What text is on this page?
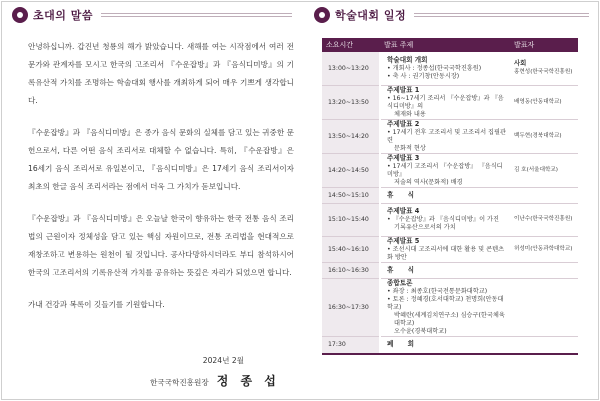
초대의 말씀	학술대회 일정

안녕하십니까. 갑진년 청룡의 해가 밝았습니다. 새해를 여는 시작점에서 여러 전문가와 관계자를 모시고 한국의 고조리서 『수운잡방』과 『음식디미방』의 기록유산적 가치를 조명하는 학술대회 행사를 개최하게 되어 매우 기쁘게 생각합니다.

『수운잡방』과 『음식디미방』은 종가 음식 문화의 실체를 담고 있는 귀중한 문헌으로서, 다른 어떤 음식 조리서로 대체할 수 없습니다. 특히, 『수운잡방』은 16세기 음식 조리서로 유일본이고, 『음식디미방』은 17세기 음식 조리서이자 최초의 한글 음식 조리서라는 점에서 더욱 그 가치가 돋보입니다.

『수운잡방』과 『음식디미방』은 오늘날 한국이 향유하는 한국 전통 음식 조리법의 근원이자 정체성을 담고 있는 핵심 자원이므로, 전통 조리법을 현대적으로 재창조하고 변용하는 원천이 될 것입니다. 공사다망하시더라도 부디 참석하시어 한국의 고조리서의 기록유산적 가치를 공유하는 뜻깊은 자리가 되었으면 합니다.

가내 건강과 복록이 깃들기를 기원합니다.

2024년 2월
한국국학진흥원장 정 종 섭
소요시간	발표 주제	발표자
13:00~13:20	학술대회 개회
• 개회사 : 정종섭(한국국학진흥원)
• 축 사 : 권기창(안동시장)	사회
홍현성(한국국학진흥원)

13:20~13:50	주제발표 1
• 16~17세기 조리서 『수운잡방』과 『음식디미방』의
체재와 내용	배영동(안동대학교)

13:50~14:20	주제발표 2
• 17세기 전후 고조리서 및 고조리서 집필관련
문화적 현상	백두현(경북대학교)

14:20~14:50	주제발표 3
• 17세기 고조리서 『수운잡방』 『음식디미방』
저술의 역사(문화적) 배경	김 호(서울대학교)

14:50~15:10	휴 식	

15:10~15:40	주제발표 4
• 『수운잡방』과 『음식디미방』이 가진
기록유산으로서의 가치	이난수(한국국학진흥원)

15:40~16:10	주제발표 5
• 조선시대 고조리서에 대한 활용 및 콘텐츠화 방안	허성미(안동과학대학교)

16:10~16:30	휴 식	

16:30~17:30	종합토론
• 좌장 : 최종호(한국전통문화대학교)
• 토론 : 정혜경(호서대학교) 천명희(안동대학교)
박혜란(세계김치연구소) 심승구(한국체육대학교)
오수윤(경북대학교)	

17:30	폐 회	
